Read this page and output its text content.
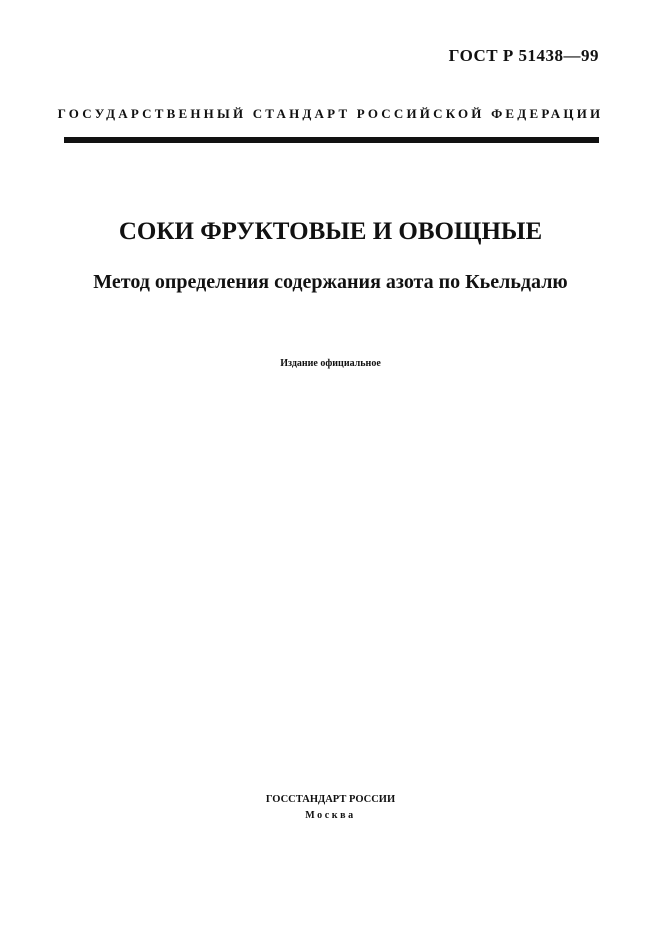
ГОСТ Р 51438—99
ГОСУДАРСТВЕННЫЙ СТАНДАРТ РОССИЙСКОЙ ФЕДЕРАЦИИ
СОКИ ФРУКТОВЫЕ И ОВОЩНЫЕ
Метод определения содержания азота по Кьельдалю
Издание официальное
ГОССТАНДАРТ РОССИИ
Москва
